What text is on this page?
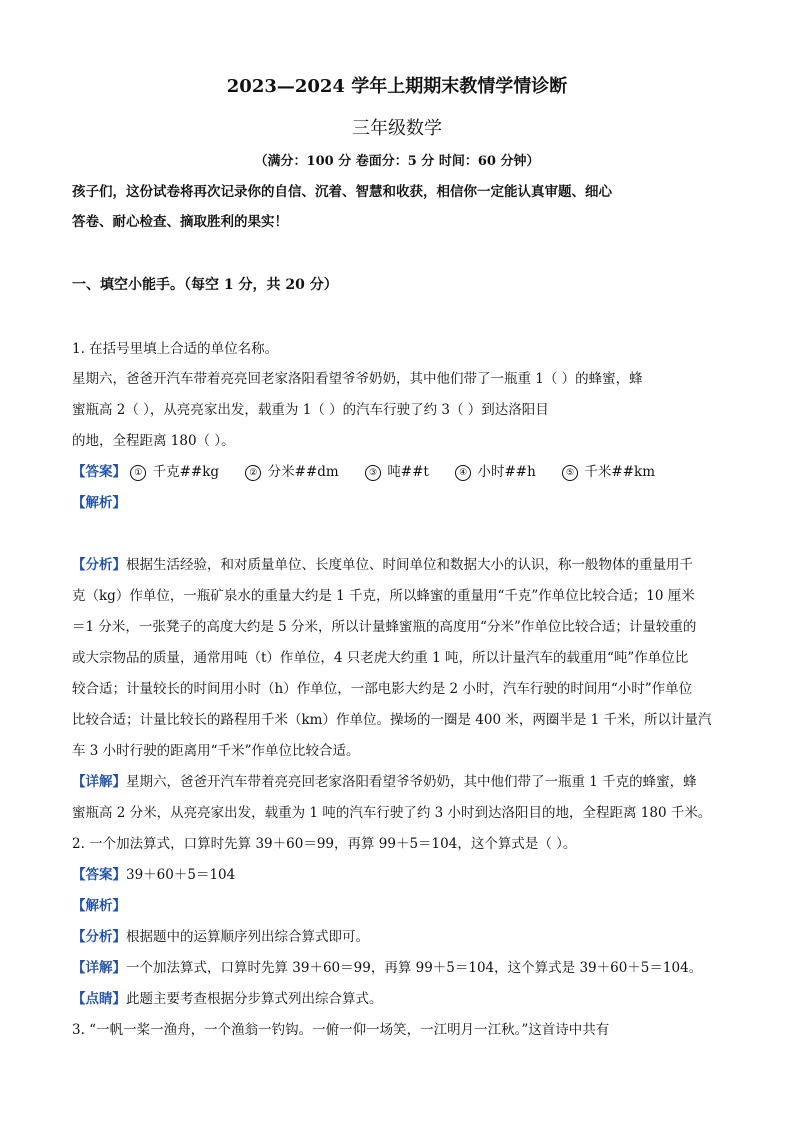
2023—2024 学年上期期末教情学情诊断
三年级数学
（满分：100 分 卷面分：5 分 时间：60 分钟）
孩子们，这份试卷将再次记录你的自信、沉着、智慧和收获，相信你一定能认真审题、细心
答卷、耐心检查、摘取胜利的果实！
一、填空小能手。（每空 1 分，共 20 分）
1. 在括号里填上合适的单位名称。
星期六，爸爸开汽车带着亮亮回老家洛阳看望爷爷奶奶，其中他们带了一瓶重 1（ ）的蜂蜜，蜂
蜜瓶高 2（ ），从亮亮家出发，载重为 1（ ）的汽车行驶了约 3（ ）到达洛阳目
的地，全程距离 180（ ）。
【答案】 ① 千克##kg	② 分米##dm	③ 吨##t	④ 小时##h	⑤ 千米##km
【解析】
【分析】根据生活经验，和对质量单位、长度单位、时间单位和数据大小的认识，称一般物体的重量用千
克（kg）作单位，一瓶矿泉水的重量大约是 1 千克，所以蜂蜜的重量用“千克”作单位比较合适；10 厘米
＝1 分米，一张凳子的高度大约是 5 分米，所以计量蜂蜜瓶的高度用“分米”作单位比较合适；计量较重的
或大宗物品的质量，通常用吨（t）作单位，4 只老虎大约重 1 吨，所以计量汽车的载重用“吨”作单位比
较合适；计量较长的时间用小时（h）作单位，一部电影大约是 2 小时，汽车行驶的时间用“小时”作单位
比较合适；计量比较长的路程用千米（km）作单位。操场的一圈是 400 米，两圈半是 1 千米，所以计量汽
车 3 小时行驶的距离用“千米”作单位比较合适。
【详解】星期六，爸爸开汽车带着亮亮回老家洛阳看望爷爷奶奶，其中他们带了一瓶重 1 千克的蜂蜜，蜂
蜜瓶高 2 分米，从亮亮家出发，载重为 1 吨的汽车行驶了约 3 小时到达洛阳目的地，全程距离 180 千米。
2. 一个加法算式，口算时先算 39＋60＝99，再算 99＋5＝104，这个算式是（ ）。
【答案】39＋60＋5＝104
【解析】
【分析】根据题中的运算顺序列出综合算式即可。
【详解】一个加法算式，口算时先算 39＋60＝99，再算 99＋5＝104，这个算式是 39＋60＋5＝104。
【点睛】此题主要考查根据分步算式列出综合算式。
3. “一帆一桨一渔舟，一个渔翁一钓钩。一俯一仰一场笑，一江明月一江秋。”这首诗中共有
